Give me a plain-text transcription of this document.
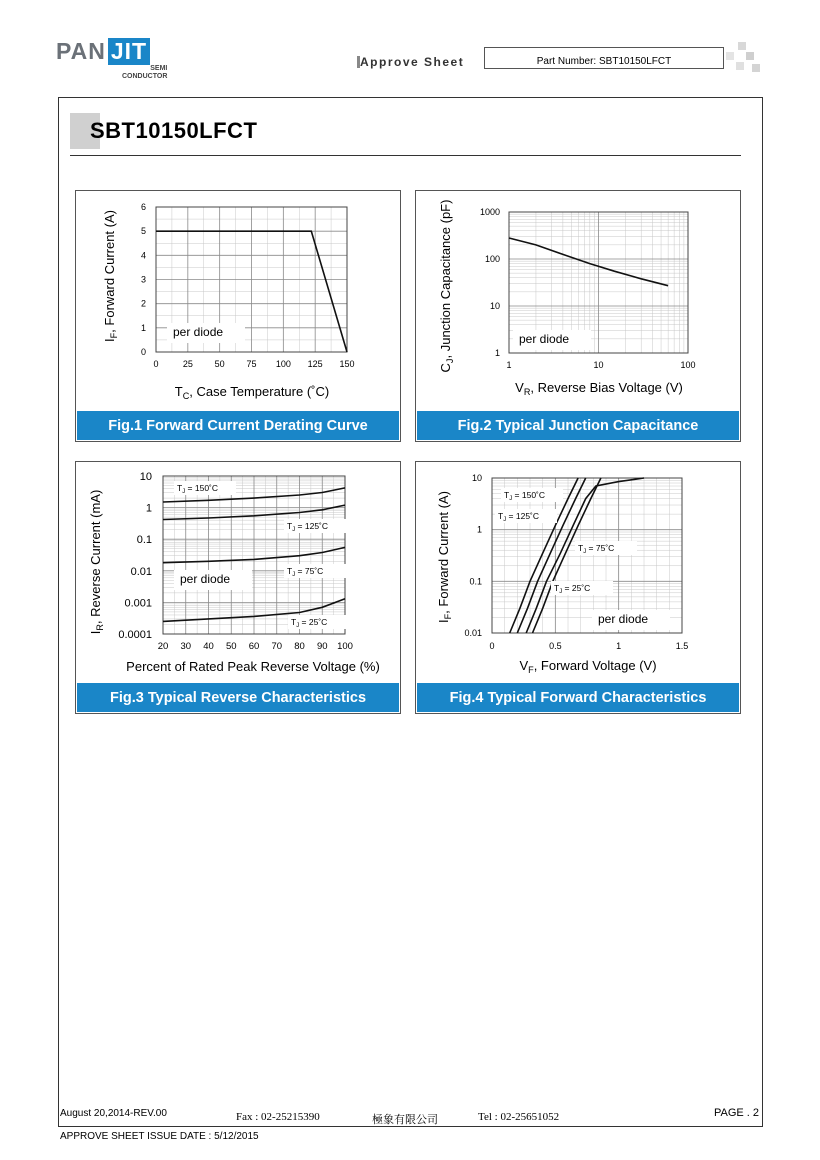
PAN JIT
SEMI
CONDUCTOR
Approve Sheet	Part Number: SBT10150LFCT
SBT10150LFCT
per diode
0	25 50 75 100 125 150
0
1
2
3
4
5
6
$T_C$, Case Temperature (˚C)
$I_F$, Forward Current (A)
Fig.1 Forward Current Derating Curve
per diode
1	10	100
1
10
100
1000
$V_R$, Reverse Bias Voltage (V)
$C_J$, Junction Capacitance (pF)
Fig.2 Typical Junction Capacitance
per diode
$T_J$ = 150˚C
$T_J$ = 125˚C
$T_J$ = 75˚C
$T_J$ = 25˚C
20 30 40 50 60 70 80 90 100
0.0001
0.001
0.01
0.1
1
10
Percent of Rated Peak Reverse Voltage (%)
$I_R$, Reverse Current (mA)
Fig.3 Typical Reverse Characteristics
per diode
$T_J$ = 150˚C
$T_J$ = 125˚C
$T_J$ = 75˚C
$T_J$ = 25˚C
0	0.5	1	1.5
0.01
0.1
1
10
$V_F$, Forward Voltage (V)
$I_F$, Forward Current (A)
Fig.4 Typical Forward Characteristics
August 20,2014-REV.00	Fax : 02-25215390	極象有限公司	Tel : 02-25651052	PAGE . 2
APPROVE SHEET ISSUE DATE : 5/12/2015
